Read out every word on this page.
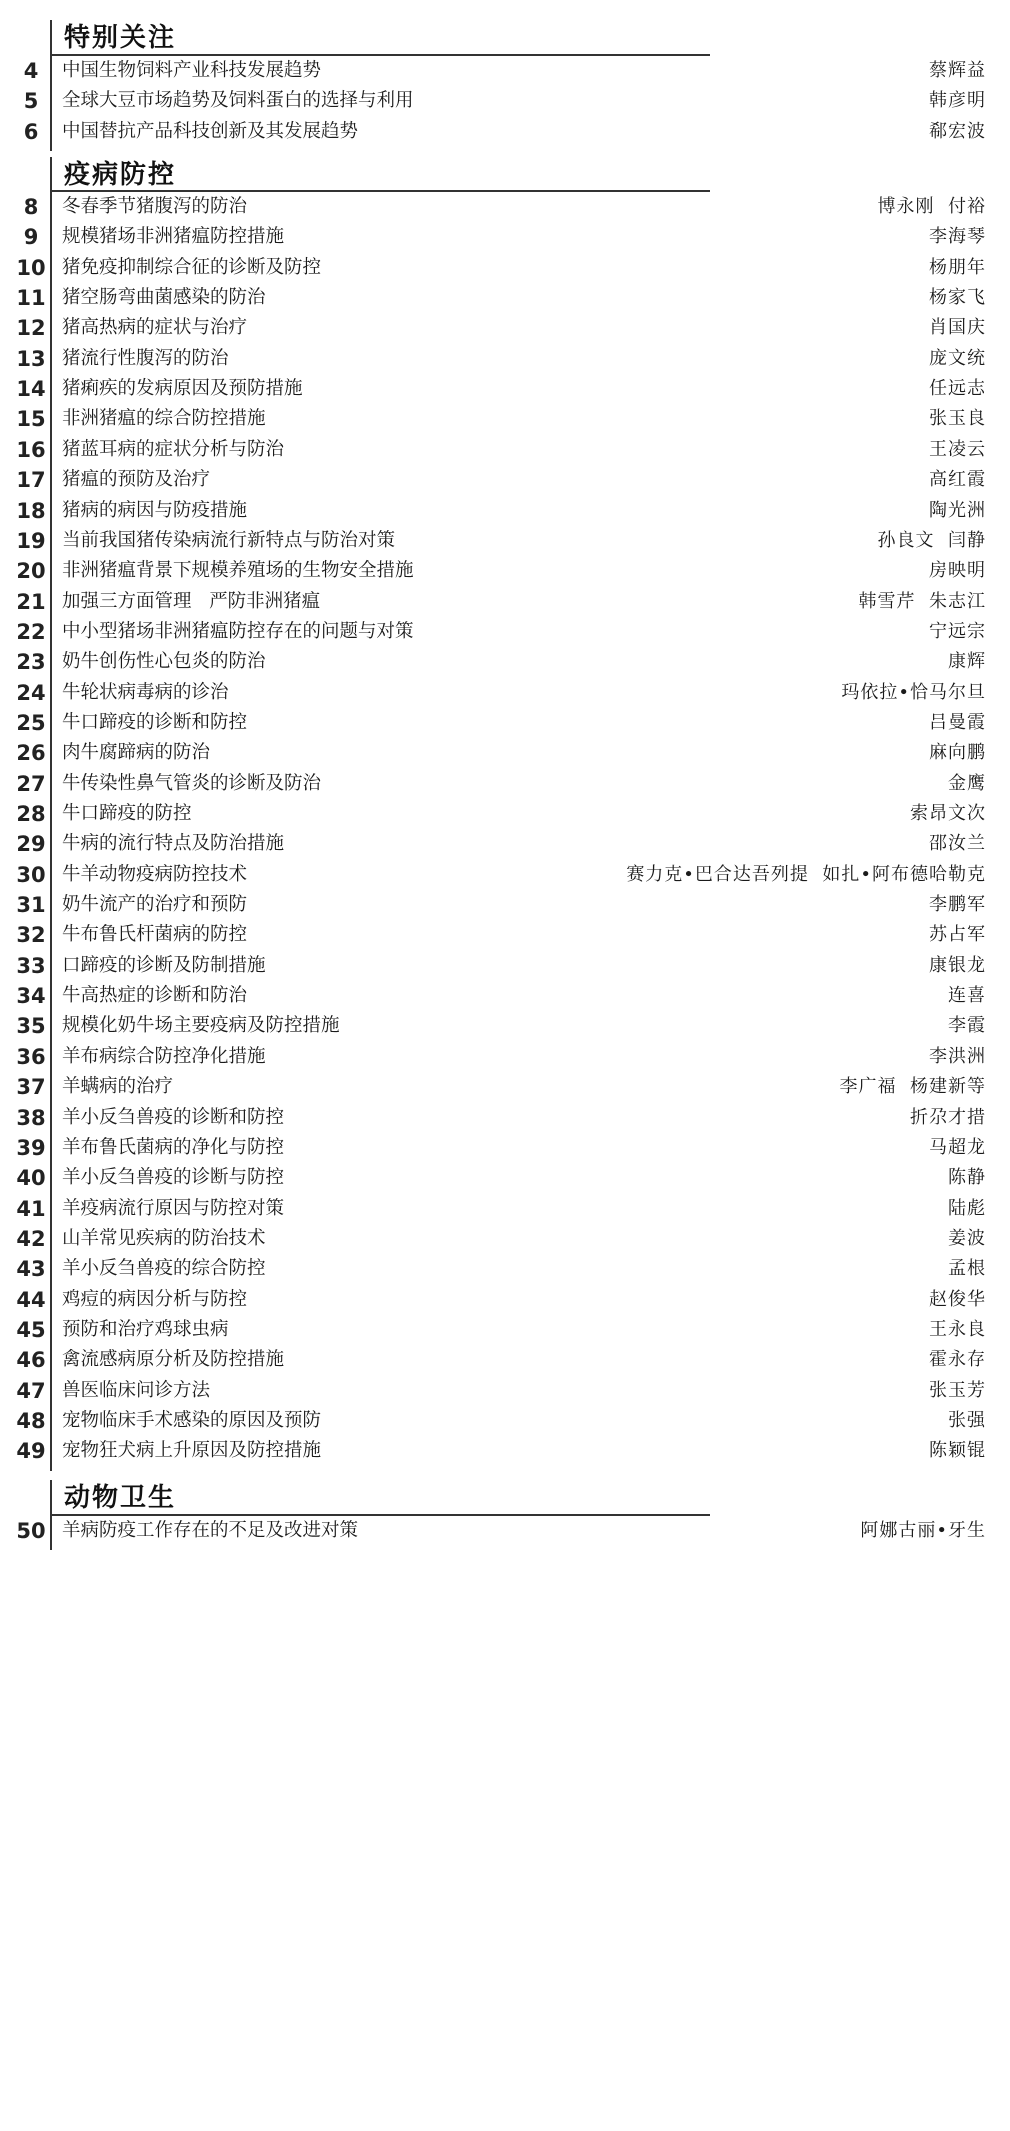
特别关注
4	中国生物饲料产业科技发展趋势	蔡辉益
5	全球大豆市场趋势及饲料蛋白的选择与利用	韩彦明
6	中国替抗产品科技创新及其发展趋势	郗宏波
疫病防控
8	冬春季节猪腹泻的防治	博永刚  付裕
9	规模猪场非洲猪瘟防控措施	李海琴
10 猪免疫抑制综合征的诊断及防控	杨朋年
11 猪空肠弯曲菌感染的防治	杨家飞
12 猪高热病的症状与治疗	肖国庆
13 猪流行性腹泻的防治	庞文统
14 猪痢疾的发病原因及预防措施	任远志
15 非洲猪瘟的综合防控措施	张玉良
16 猪蓝耳病的症状分析与防治	王凌云
17 猪瘟的预防及治疗	高红霞
18 猪病的病因与防疫措施	陶光洲
19 当前我国猪传染病流行新特点与防治对策	孙良文  闫静
20 非洲猪瘟背景下规模养殖场的生物安全措施	房映明
21 加强三方面管理   严防非洲猪瘟	韩雪芹  朱志江
22 中小型猪场非洲猪瘟防控存在的问题与对策	宁远宗
23 奶牛创伤性心包炎的防治	康辉
24 牛轮状病毒病的诊治	玛依拉•恰马尔旦
25 牛口蹄疫的诊断和防控	吕曼霞
26 肉牛腐蹄病的防治	麻向鹏
27 牛传染性鼻气管炎的诊断及防治	金鹰
28 牛口蹄疫的防控	索昂文次
29 牛病的流行特点及防治措施	邵汝兰
30 牛羊动物疫病防控技术	赛力克•巴合达吾列提  如扎•阿布德哈勒克
31 奶牛流产的治疗和预防	李鹏军
32 牛布鲁氏杆菌病的防控	苏占军
33 口蹄疫的诊断及防制措施	康银龙
34 牛高热症的诊断和防治	连喜
35 规模化奶牛场主要疫病及防控措施	李霞
36 羊布病综合防控净化措施	李洪洲
37 羊螨病的治疗	李广福  杨建新等
38 羊小反刍兽疫的诊断和防控	折尕才措
39 羊布鲁氏菌病的净化与防控	马超龙
40 羊小反刍兽疫的诊断与防控	陈静
41 羊疫病流行原因与防控对策	陆彪
42 山羊常见疾病的防治技术	姜波
43 羊小反刍兽疫的综合防控	孟根
44 鸡痘的病因分析与防控	赵俊华
45 预防和治疗鸡球虫病	王永良
46 禽流感病原分析及防控措施	霍永存
47 兽医临床问诊方法	张玉芳
48 宠物临床手术感染的原因及预防	张强
49 宠物狂犬病上升原因及防控措施	陈颖锟
动物卫生
50 羊病防疫工作存在的不足及改进对策	阿娜古丽•牙生
